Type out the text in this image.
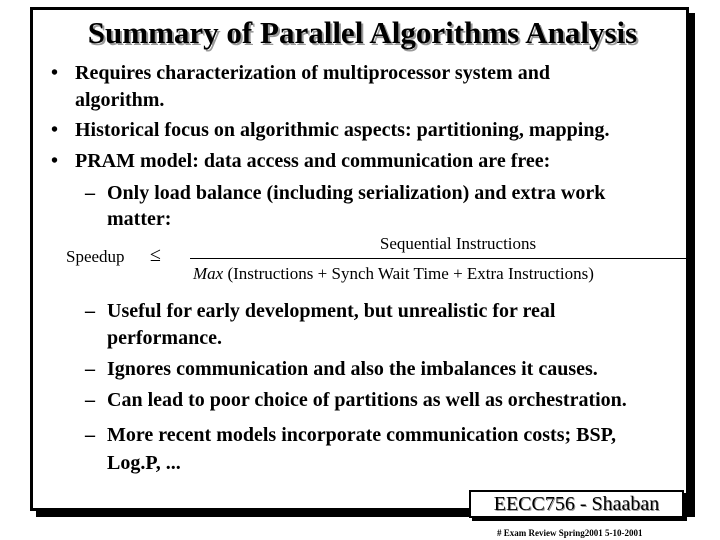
Summary of Parallel Algorithms Analysis
• Requires characterization of multiprocessor system and
algorithm.
• Historical focus on algorithmic aspects: partitioning, mapping.
• PRAM model: data access and communication are free:
– Only load balance (including serialization) and extra work
matter:
Speedup ≤
Sequential Instructions
Max (Instructions + Synch Wait Time + Extra Instructions)
– Useful for early development, but unrealistic for real
performance.
– Ignores communication and also the imbalances it causes.
– Can lead to poor choice of partitions as well as orchestration.
– More recent models incorporate communication costs; BSP,
Log.P, ...
EECC756 - Shaaban
# Exam Review Spring2001 5-10-2001
